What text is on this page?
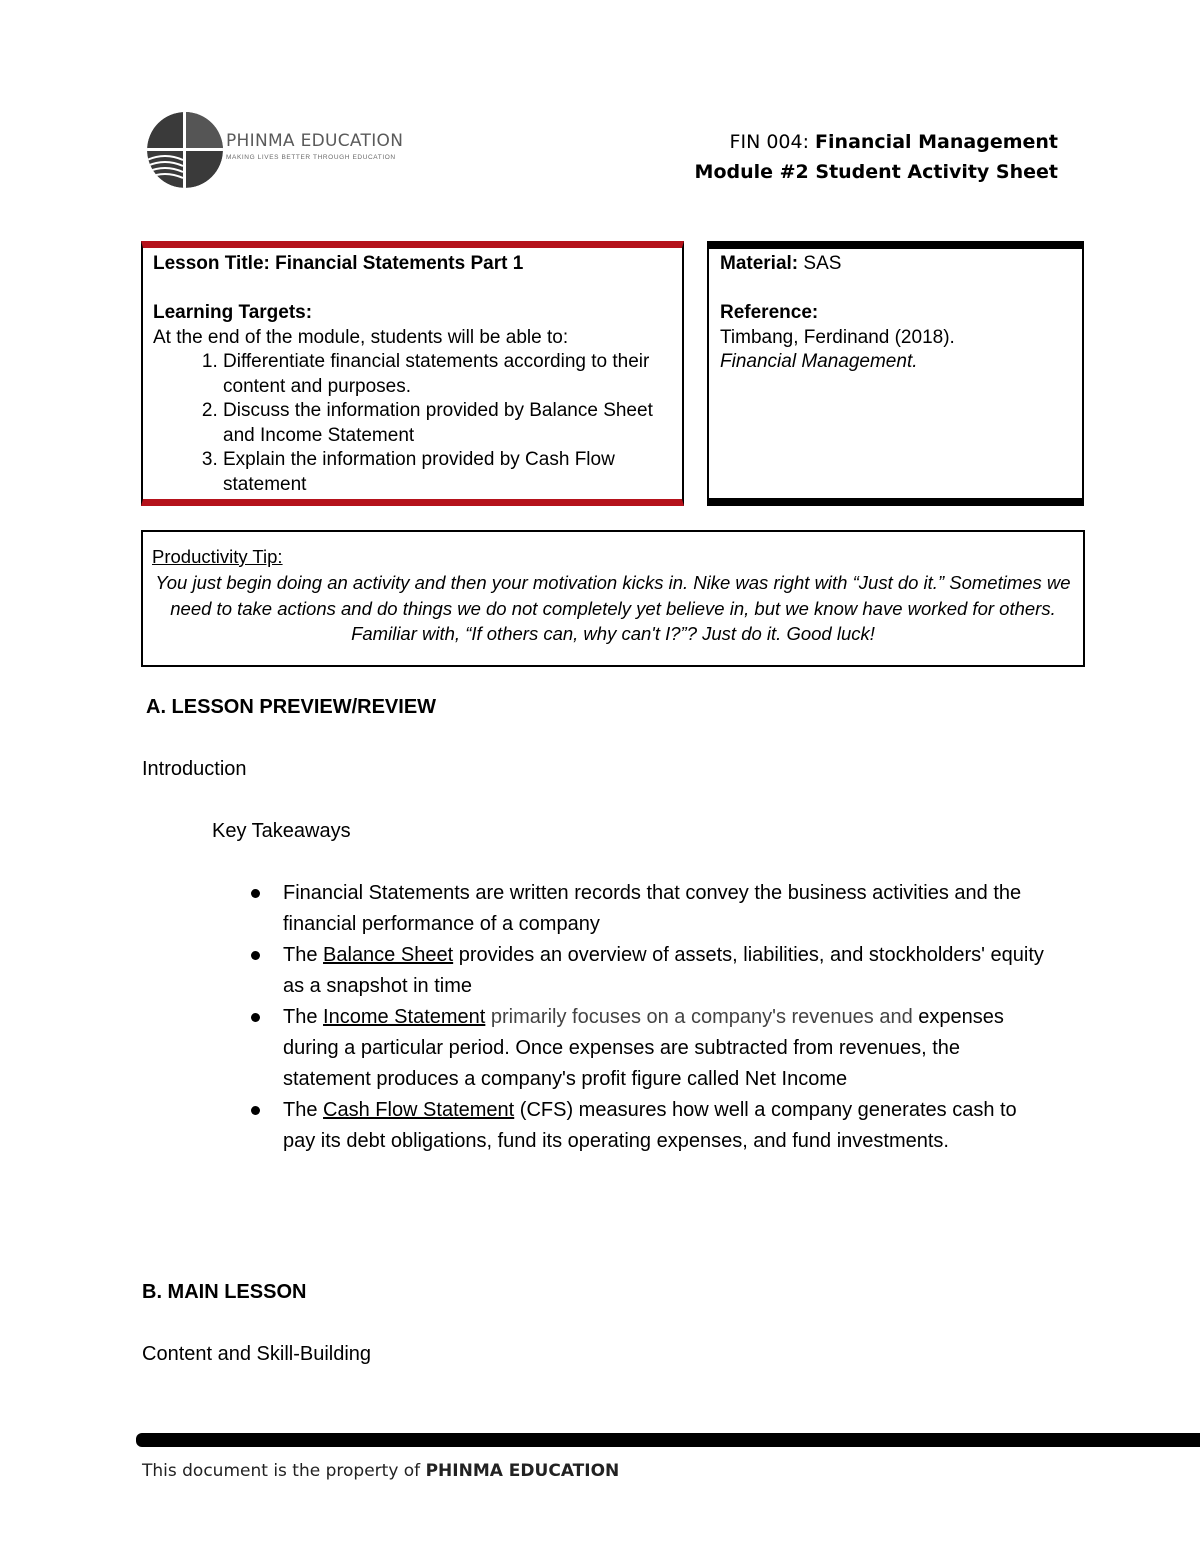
PHINMA EDUCATION
MAKING LIVES BETTER THROUGH EDUCATION
FIN 004: Financial Management
Module #2 Student Activity Sheet
Lesson Title: Financial Statements Part 1
Learning Targets:
At the end of the module, students will be able to:
1. Differentiate financial statements according to their content and purposes.
2. Discuss the information provided by Balance Sheet and Income Statement
3. Explain the information provided by Cash Flow statement
Material: SAS
Reference:
Timbang, Ferdinand (2018).
Financial Management.
Productivity Tip:
You just begin doing an activity and then your motivation kicks in. Nike was right with “Just do it.” Sometimes we need to take actions and do things we do not completely yet believe in, but we know have worked for others. Familiar with, “If others can, why can't I?”? Just do it. Good luck!
A. LESSON PREVIEW/REVIEW
Introduction
Key Takeaways
Financial Statements are written records that convey the business activities and the financial performance of a company
The Balance Sheet provides an overview of assets, liabilities, and stockholders' equity as a snapshot in time
The Income Statement primarily focuses on a company's revenues and expenses during a particular period. Once expenses are subtracted from revenues, the statement produces a company's profit figure called Net Income
The Cash Flow Statement (CFS) measures how well a company generates cash to pay its debt obligations, fund its operating expenses, and fund investments.
B. MAIN LESSON
Content and Skill-Building
This document is the property of PHINMA EDUCATION
